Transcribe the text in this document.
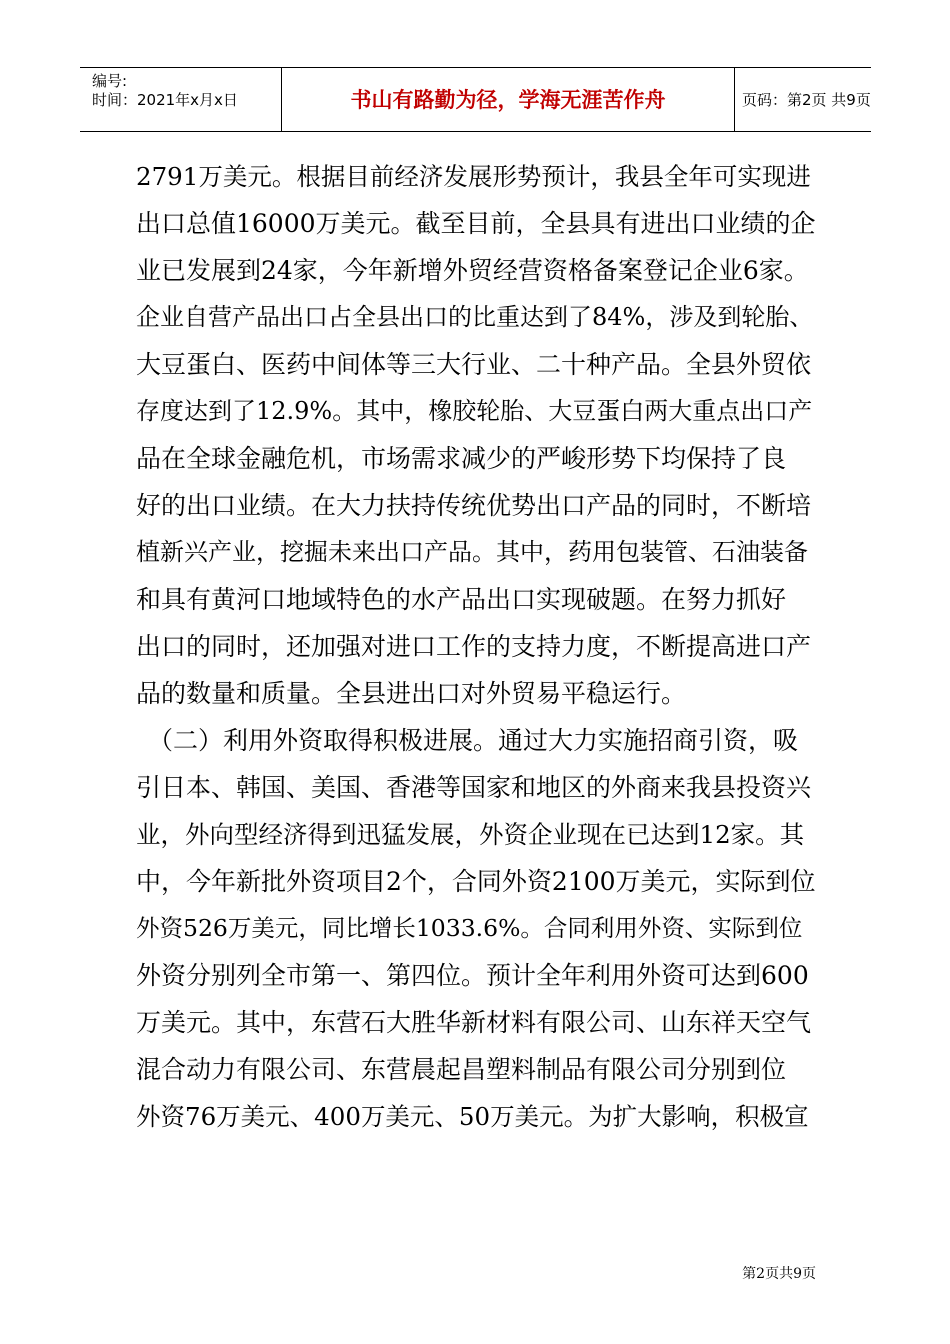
编号:
时间：2021年x月x日	书山有路勤为径，学海无涯苦作舟	页码：第2页 共9页
2791万美元。根据目前经济发展形势预计，我县全年可实现进
出口总值16000万美元。截至目前，全县具有进出口业绩的企
业已发展到24家，今年新增外贸经营资格备案登记企业6家。
企业自营产品出口占全县出口的比重达到了84%，涉及到轮胎、
大豆蛋白、医药中间体等三大行业、二十种产品。全县外贸依
存度达到了12.9%。其中，橡胶轮胎、大豆蛋白两大重点出口产
品在全球金融危机，市场需求减少的严峻形势下均保持了良
好的出口业绩。在大力扶持传统优势出口产品的同时，不断培
植新兴产业，挖掘未来出口产品。其中，药用包装管、石油装备
和具有黄河口地域特色的水产品出口实现破题。在努力抓好
出口的同时，还加强对进口工作的支持力度，不断提高进口产
品的数量和质量。全县进出口对外贸易平稳运行。
（二）利用外资取得积极进展。通过大力实施招商引资，吸
引日本、韩国、美国、香港等国家和地区的外商来我县投资兴
业，外向型经济得到迅猛发展，外资企业现在已达到12家。其
中，今年新批外资项目2个，合同外资2100万美元，实际到位
外资526万美元，同比增长1033.6%。合同利用外资、实际到位
外资分别列全市第一、第四位。预计全年利用外资可达到600
万美元。其中，东营石大胜华新材料有限公司、山东祥天空气
混合动力有限公司、东营晨起昌塑料制品有限公司分别到位
外资76万美元、400万美元、50万美元。为扩大影响，积极宣
第2页共9页
